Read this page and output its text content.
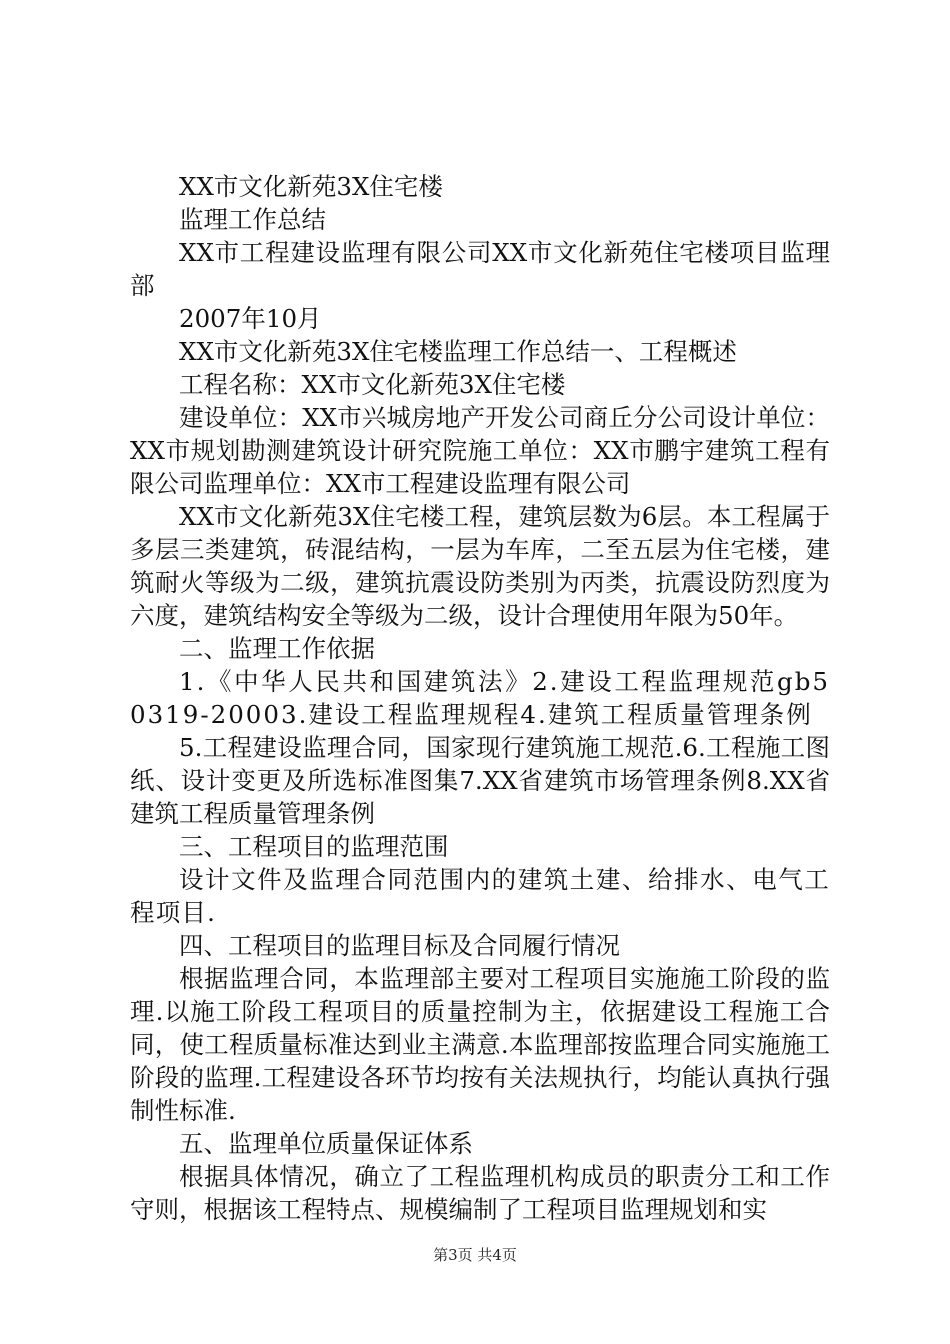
XX市文化新苑3X住宅楼

监理工作总结

XX市工程建设监理有限公司XX市文化新苑住宅楼项目监理部

2007年10月

XX市文化新苑3X住宅楼监理工作总结一、工程概述

工程名称：XX市文化新苑3X住宅楼

建设单位：XX市兴城房地产开发公司商丘分公司设计单位：XX市规划勘测建筑设计研究院施工单位：XX市鹏宇建筑工程有限公司监理单位：XX市工程建设监理有限公司

XX市文化新苑3X住宅楼工程，建筑层数为6层。本工程属于多层三类建筑，砖混结构，一层为车库，二至五层为住宅楼，建筑耐火等级为二级，建筑抗震设防类别为丙类，抗震设防烈度为六度，建筑结构安全等级为二级，设计合理使用年限为50年。

二、监理工作依据

1.《中华人民共和国建筑法》2.建设工程监理规范gb50319-20003.建设工程监理规程4.建筑工程质量管理条例

5.工程建设监理合同，国家现行建筑施工规范.6.工程施工图纸、设计变更及所选标准图集7.XX省建筑市场管理条例8.XX省建筑工程质量管理条例

三、工程项目的监理范围

设计文件及监理合同范围内的建筑土建、给排水、电气工程项目.

四、工程项目的监理目标及合同履行情况

根据监理合同，本监理部主要对工程项目实施施工阶段的监理.以施工阶段工程项目的质量控制为主，依据建设工程施工合同，使工程质量标准达到业主满意.本监理部按监理合同实施施工阶段的监理.工程建设各环节均按有关法规执行，均能认真执行强制性标准.

五、监理单位质量保证体系

根据具体情况，确立了工程监理机构成员的职责分工和工作守则，根据该工程特点、规模编制了工程项目监理规划和实

第3页 共4页
